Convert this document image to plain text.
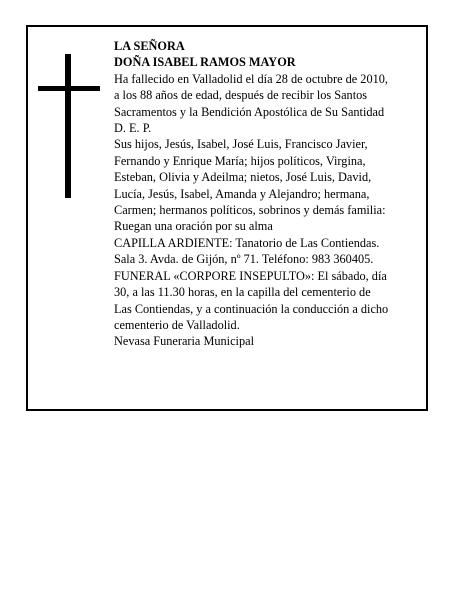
LA SEÑORA
DOÑA ISABEL RAMOS MAYOR
Ha fallecido en Valladolid el día 28 de octubre de 2010,
a los 88 años de edad, después de recibir los Santos
Sacramentos y la Bendición Apostólica de Su Santidad
D. E. P.
Sus hijos, Jesús, Isabel, José Luis, Francisco Javier,
Fernando y Enrique María; hijos políticos, Virgina,
Esteban, Olivia y Adeilma; nietos, José Luis, David,
Lucía, Jesús, Isabel, Amanda y Alejandro; hermana,
Carmen; hermanos políticos, sobrinos y demás familia:
Ruegan una oración por su alma
CAPILLA ARDIENTE: Tanatorio de Las Contiendas.
Sala 3. Avda. de Gijón, nº 71. Teléfono: 983 360405.
FUNERAL «CORPORE INSEPULTO»: El sábado, día
30, a las 11.30 horas, en la capilla del cementerio de
Las Contiendas, y a continuación la conducción a dicho
cementerio de Valladolid.
Nevasa Funeraria Municipal
